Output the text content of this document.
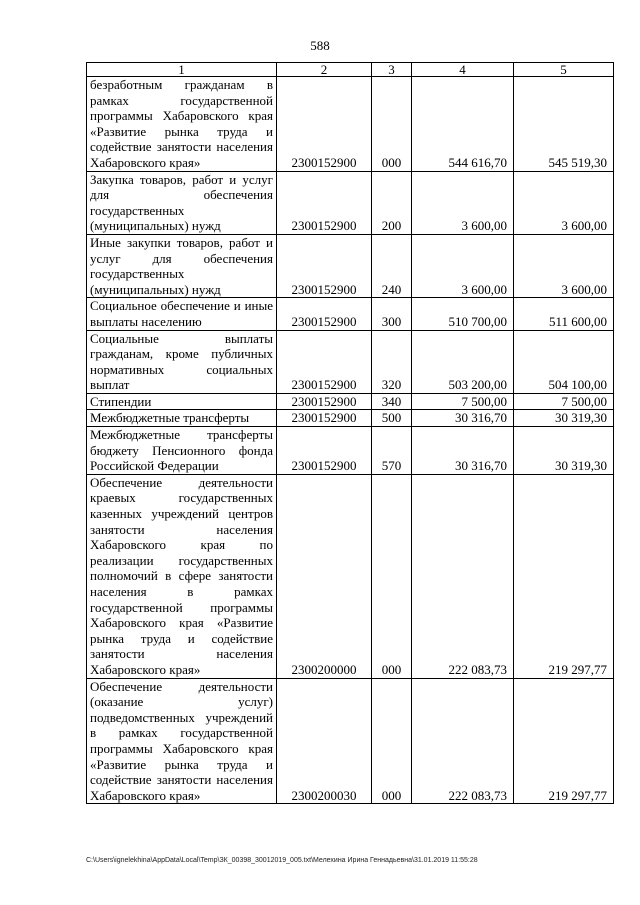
588
1	2	3	4	5
безработным гражданам в рамках государственной программы Хабаровского края «Развитие рынка труда и содействие занятости населения Хабаровского края»	2300152900	000	544 616,70	545 519,30
Закупка товаров, работ и услуг для обеспечения государственных (муниципальных) нужд	2300152900	200	3 600,00	3 600,00
Иные закупки товаров, работ и услуг для обеспечения государственных (муниципальных) нужд	2300152900	240	3 600,00	3 600,00
Социальное обеспечение и иные выплаты населению	2300152900	300	510 700,00	511 600,00
Социальные выплаты гражданам, кроме публичных нормативных социальных выплат	2300152900	320	503 200,00	504 100,00
Стипендии	2300152900	340	7 500,00	7 500,00
Межбюджетные трансферты	2300152900	500	30 316,70	30 319,30
Межбюджетные трансферты бюджету Пенсионного фонда Российской Федерации	2300152900	570	30 316,70	30 319,30
Обеспечение деятельности краевых государственных казенных учреждений центров занятости населения Хабаровского края по реализации государственных полномочий в сфере занятости населения в рамках государственной программы Хабаровского края «Развитие рынка труда и содействие занятости населения Хабаровского края»	2300200000	000	222 083,73	219 297,77
Обеспечение деятельности (оказание услуг) подведомственных учреждений в рамках государственной программы Хабаровского края «Развитие рынка труда и содействие занятости населения Хабаровского края»	2300200030	000	222 083,73	219 297,77
C:\Users\ignelekhina\AppData\Local\Temp\ЗК_00398_30012019_005.txt\Мелехина Ирина Геннадьевна\31.01.2019 11:55:28
